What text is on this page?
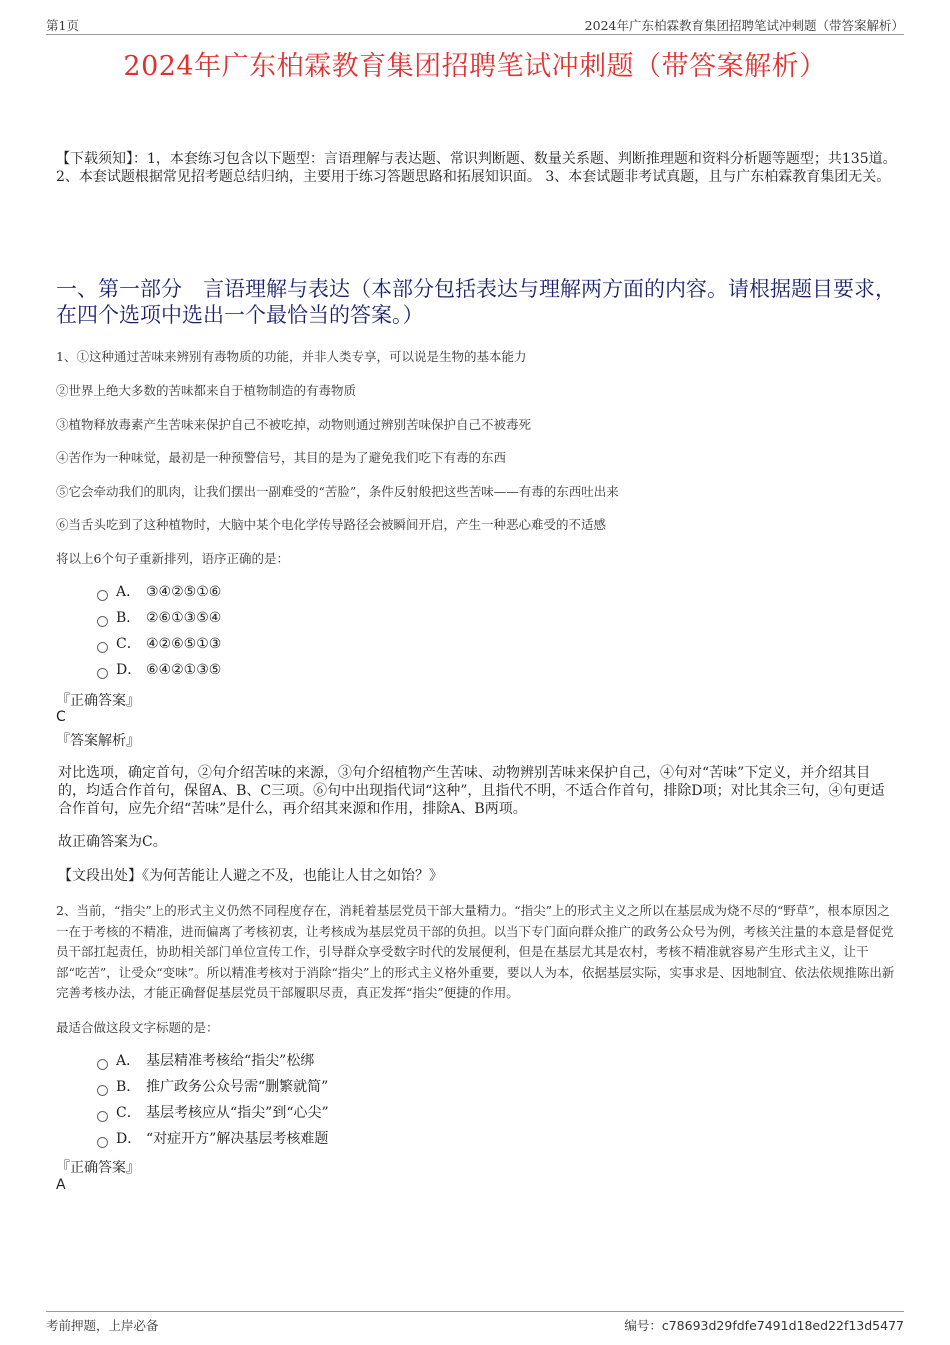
第1页	2024年广东柏霖教育集团招聘笔试冲刺题（带答案解析）
2024年广东柏霖教育集团招聘笔试冲刺题（带答案解析）
【下载须知】：1，本套练习包含以下题型：言语理解与表达题、常识判断题、数量关系题、判断推理题和资料分析题等题型；共135道。 2、本套试题根据常见招考题总结归纳，主要用于练习答题思路和拓展知识面。 3、本套试题非考试真题，且与广东柏霖教育集团无关。
一、第一部分　言语理解与表达（本部分包括表达与理解两方面的内容。请根据题目要求，在四个选项中选出一个最恰当的答案。）
1、①这种通过苦味来辨别有毒物质的功能，并非人类专享，可以说是生物的基本能力
②世界上绝大多数的苦味都来自于植物制造的有毒物质
③植物释放毒素产生苦味来保护自己不被吃掉，动物则通过辨别苦味保护自己不被毒死
④苦作为一种味觉，最初是一种预警信号，其目的是为了避免我们吃下有毒的东西
⑤它会牵动我们的肌肉，让我们摆出一副难受的“苦脸”，条件反射般把这些苦味——有毒的东西吐出来
⑥当舌头吃到了这种植物时，大脑中某个电化学传导路径会被瞬间开启，产生一种恶心难受的不适感
将以上6个句子重新排列，语序正确的是：
A． ③④②⑤①⑥
B． ②⑥①③⑤④
C． ④②⑥⑤①③
D． ⑥④②①③⑤
『正确答案』
C
『答案解析』
对比选项，确定首句，②句介绍苦味的来源，③句介绍植物产生苦味、动物辨别苦味来保护自己，④句对“苦味”下定义，并介绍其目的，均适合作首句，保留A、B、C三项。⑥句中出现指代词“这种”，且指代不明，不适合作首句，排除D项；对比其余三句，④句更适合作首句，应先介绍“苦味”是什么，再介绍其来源和作用，排除A、B两项。
故正确答案为C。
【文段出处】《为何苦能让人避之不及，也能让人甘之如饴？》
2、当前，“指尖”上的形式主义仍然不同程度存在，消耗着基层党员干部大量精力。“指尖”上的形式主义之所以在基层成为烧不尽的“野草”，根本原因之一在于考核的不精准，进而偏离了考核初衷，让考核成为基层党员干部的负担。以当下专门面向群众推广的政务公众号为例，考核关注量的本意是督促党员干部扛起责任，协助相关部门单位宣传工作，引导群众享受数字时代的发展便利，但是在基层尤其是农村，考核不精准就容易产生形式主义，让干部“吃苦”，让受众“变味”。所以精准考核对于消除“指尖”上的形式主义格外重要，要以人为本，依据基层实际，实事求是、因地制宜、依法依规推陈出新完善考核办法，才能正确督促基层党员干部履职尽责，真正发挥“指尖”便捷的作用。
最适合做这段文字标题的是：
A． 基层精准考核给“指尖”松绑
B． 推广政务公众号需“删繁就简”
C． 基层考核应从“指尖”到“心尖”
D． “对症开方”解决基层考核难题
『正确答案』
A
考前押题，上岸必备	编号：c78693d29fdfe7491d18ed22f13d5477
